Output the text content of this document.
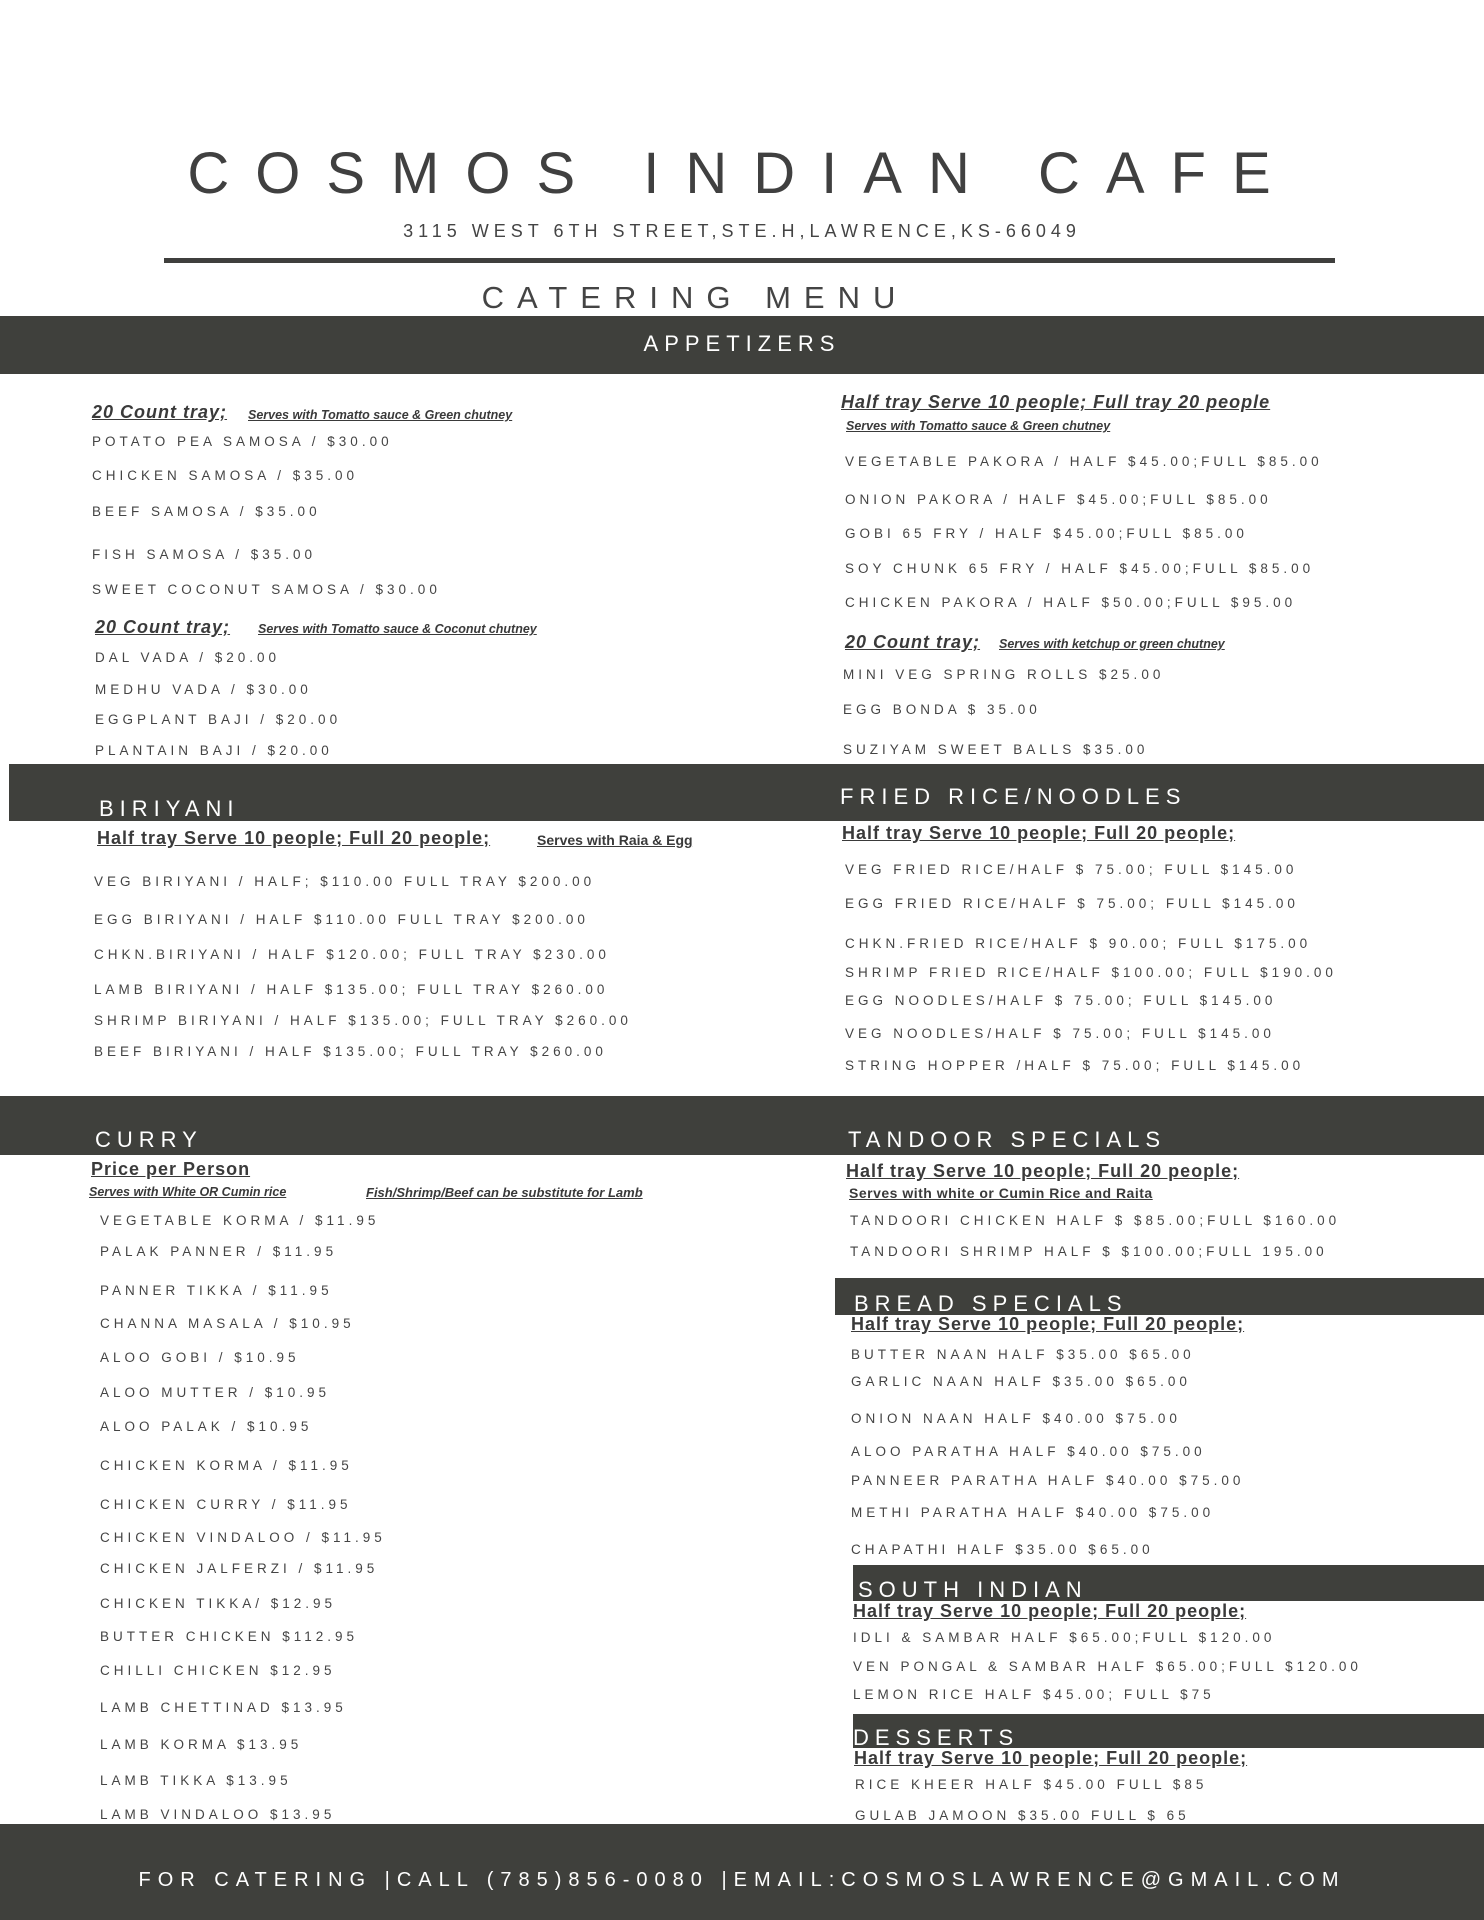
COSMOS INDIAN CAFE
3115 WEST 6TH STREET,STE.H,LAWRENCE,KS-66049
CATERING MENU
APPETIZERS
20 Count tray; Serves with Tomatto sauce & Green chutney
POTATO PEA SAMOSA / $30.00
CHICKEN SAMOSA / $35.00
BEEF SAMOSA / $35.00
FISH SAMOSA / $35.00
SWEET COCONUT SAMOSA / $30.00
20 Count tray; Serves with Tomatto sauce & Coconut chutney
DAL VADA / $20.00
MEDHU VADA / $30.00
EGGPLANT BAJI / $20.00
PLANTAIN BAJI / $20.00
Half tray Serve 10 people; Full tray 20 people
Serves with Tomatto sauce & Green chutney
VEGETABLE PAKORA / HALF $45.00;FULL $85.00
ONION PAKORA / HALF $45.00;FULL $85.00
GOBI 65 FRY / HALF $45.00;FULL $85.00
SOY CHUNK 65 FRY / HALF $45.00;FULL $85.00
CHICKEN PAKORA / HALF $50.00;FULL $95.00
20 Count tray; Serves with ketchup or green chutney
MINI VEG SPRING ROLLS $25.00
EGG BONDA $ 35.00
SUZIYAM SWEET BALLS $35.00
BIRIYANI	FRIED RICE/NOODLES
Half tray Serve 10 people; Full 20 people;	Serves with Raia & Egg
VEG BIRIYANI / HALF; $110.00 FULL TRAY $200.00
EGG BIRIYANI / HALF $110.00 FULL TRAY $200.00
CHKN.BIRIYANI / HALF $120.00; FULL TRAY $230.00
LAMB BIRIYANI / HALF $135.00; FULL TRAY $260.00
SHRIMP BIRIYANI / HALF $135.00; FULL TRAY $260.00
BEEF BIRIYANI / HALF $135.00; FULL TRAY $260.00
Half tray Serve 10 people; Full 20 people;
VEG FRIED RICE/HALF $ 75.00; FULL $145.00
EGG FRIED RICE/HALF $ 75.00; FULL $145.00
CHKN.FRIED RICE/HALF $ 90.00; FULL $175.00
SHRIMP FRIED RICE/HALF $100.00; FULL $190.00
EGG NOODLES/HALF $ 75.00; FULL $145.00
VEG NOODLES/HALF $ 75.00; FULL $145.00
STRING HOPPER /HALF $ 75.00; FULL $145.00
CURRY	TANDOOR SPECIALS
Price per Person
Serves with White OR Cumin rice	Fish/Shrimp/Beef can be substitute for Lamb
VEGETABLE KORMA / $11.95
PALAK PANNER / $11.95
PANNER TIKKA / $11.95
CHANNA MASALA / $10.95
ALOO GOBI / $10.95
ALOO MUTTER / $10.95
ALOO PALAK / $10.95
CHICKEN KORMA / $11.95
CHICKEN CURRY / $11.95
CHICKEN VINDALOO / $11.95
CHICKEN JALFERZI / $11.95
CHICKEN TIKKA/ $12.95
BUTTER CHICKEN $112.95
CHILLI CHICKEN $12.95
LAMB CHETTINAD $13.95
LAMB KORMA $13.95
LAMB TIKKA $13.95
LAMB VINDALOO $13.95
Half tray Serve 10 people; Full 20 people;
Serves with white or Cumin Rice and Raita
TANDOORI CHICKEN HALF $ $85.00;FULL $160.00
TANDOORI SHRIMP HALF $ $100.00;FULL 195.00
BREAD SPECIALS
Half tray Serve 10 people; Full 20 people;
BUTTER NAAN HALF $35.00 $65.00
GARLIC NAAN HALF $35.00 $65.00
ONION NAAN HALF $40.00 $75.00
ALOO PARATHA HALF $40.00 $75.00
PANNEER PARATHA HALF $40.00 $75.00
METHI PARATHA HALF $40.00 $75.00
CHAPATHI HALF $35.00 $65.00
SOUTH INDIAN
Half tray Serve 10 people; Full 20 people;
IDLI & SAMBAR HALF $65.00;FULL $120.00
VEN PONGAL & SAMBAR HALF $65.00;FULL $120.00
LEMON RICE HALF $45.00; FULL $75
DESSERTS
Half tray Serve 10 people; Full 20 people;
RICE KHEER HALF $45.00 FULL $85
GULAB JAMOON $35.00 FULL $ 65
FOR CATERING |CALL (785)856-0080 |EMAIL:COSMOSLAWRENCE@GMAIL.COM
